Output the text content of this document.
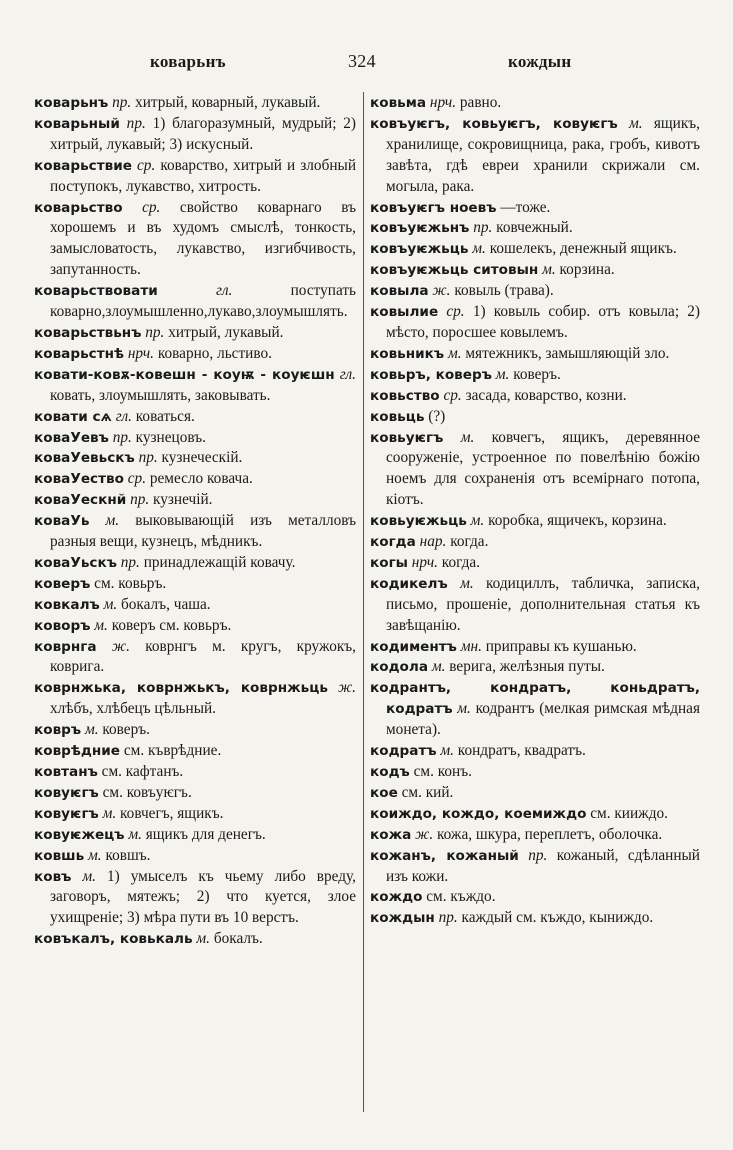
коварьнъ	324	кождын
коварьнъ пр. хитрый, коварный, лукавый.
коварьный пр. 1) благоразумный, мудрый; 2) хитрый, лукавый; 3) искусный.
коварьствие ср. коварство, хитрый и злобный поступокъ, лукавство, хитрость.
коварьство ср. свойство коварнаго въ хорошемъ и въ худомъ смыслѣ, тонкость, замысловатость, лукавство, изгибчивость, запутанность.
коварьствовати	гл.	поступать коварно,злоумышленно,лукаво,злоумышлять.
коварьствьнъ пр. хитрый, лукавый.
коварьстнѣ нрч. коварно, льстиво.
ковати-ковѫ-ковешн - коуѭ - коуѥшн гл. ковать, злоумышлять, заковывать.
ковати сѧ гл. коваться.
коваУевъ пр. кузнецовъ.
коваУевьскъ пр. кузнеческій.
коваУество ср. ремесло ковача.
коваУескнй пр. кузнечій.
коваУь м. выковывающій изъ металловъ разныя вещи, кузнецъ, мѣдникъ.
коваУьскъ пр. принадлежащій ковачу.
коверъ см. ковьръ.
ковкалъ м. бокалъ, чаша.
коворъ м. коверъ см. ковьръ.
коврнга ж. коврнгъ м. кругъ, кружокъ, коврига.
коврнжька, коврнжькъ, коврнжьць ж. хлѣбъ, хлѣбецъ цѣльный.
ковръ м. коверъ.
коврѣдние см. къврѣдние.
ковтанъ см. кафтанъ.
ковуѥгъ см. ковъуѥгъ.
ковуѥгъ м. ковчегъ, ящикъ.
ковуѥжецъ м. ящикъ для денегъ.
ковшь м. ковшъ.
ковъ м. 1) умыселъ къ чьему либо вреду, заговоръ, мятежъ; 2) что куется, злое ухищреніе; 3) мѣра пути въ 10 верстъ.
ковъкалъ, ковькаль м. бокалъ.
ковьма нрч. равно.
ковъуѥгъ, ковьуѥгъ, ковуѥгъ м. ящикъ, хранилище, сокровищница, рака, гробъ, кивотъ завѣта, гдѣ евреи хранили скрижали см. могыла, рака.
ковъуѥгъ ноевъ —тоже.
ковъуѥжьнъ пр. ковчежный.
ковъуѥжьць м. кошелекъ, денежный ящикъ.
ковъуѥжьць ситовын м. корзина.
ковыла ж. ковыль (трава).
ковылие ср. 1) ковыль собир. отъ ковыла; 2) мѣсто, поросшее ковылемъ.
ковьникъ м. мятежникъ, замышляющій зло.
ковьръ, коверъ м. коверъ.
ковьство ср. засада, коварство, козни.
ковьць (?)
ковьуѥгъ м. ковчегъ, ящикъ, деревянное сооруженіе, устроенное по повелѣнію божію ноемъ для сохраненія отъ всемірнаго потопа, кіотъ.
ковьуѥжьць м. коробка, ящичекъ, корзина.
когда нар. когда.
когы нрч. когда.
кодикелъ м. кодициллъ, табличка, записка, письмо, прошеніе, дополнительная статья къ завѣщанію.
кодиментъ мн. приправы къ кушанью.
кодола м. верига, желѣзныя путы.
кодрантъ, кондратъ, коньдратъ, кодратъ м. кодрантъ (мелкая римская мѣдная монета).
кодратъ м. кондратъ, квадратъ.
кодъ см. конъ.
кое см. кий.
коиждо, кождо, коемиждо см. кииждо.
кожа ж. кожа, шкура, переплетъ, оболочка.
кожанъ, кожаный пр. кожаный, сдѣланный изъ кожи.
кождо см. къждо.
кождын пр. каждый см. къждо, кыниждо.
